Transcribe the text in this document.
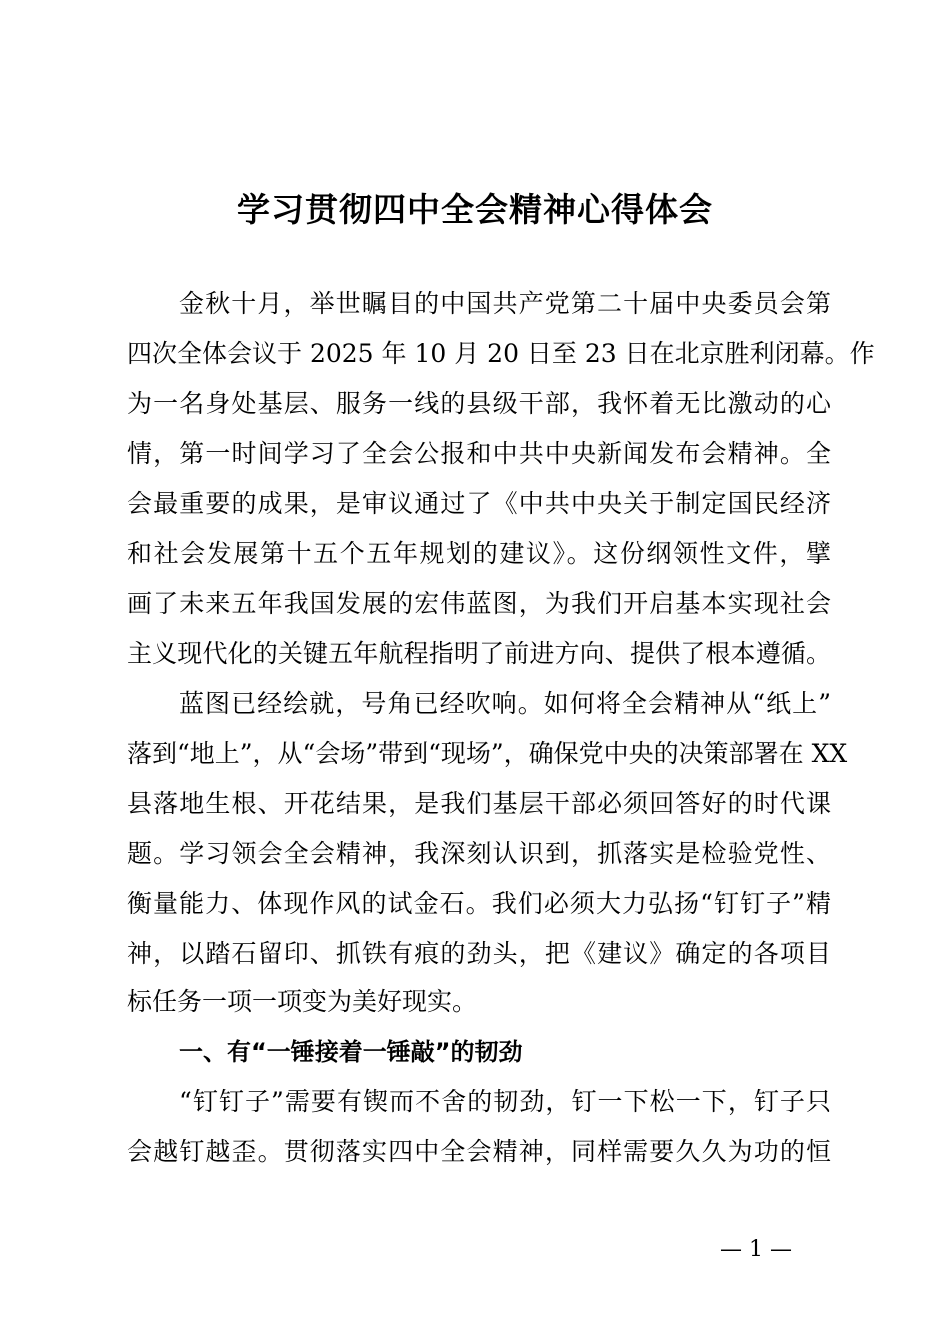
学习贯彻四中全会精神心得体会
金秋十月，举世瞩目的中国共产党第二十届中央委员会第
四次全体会议于 2025 年 10 月 20 日至 23 日在北京胜利闭幕。作
为一名身处基层、服务一线的县级干部，我怀着无比激动的心
情，第一时间学习了全会公报和中共中央新闻发布会精神。全
会最重要的成果，是审议通过了《中共中央关于制定国民经济
和社会发展第十五个五年规划的建议》。这份纲领性文件，擘
画了未来五年我国发展的宏伟蓝图，为我们开启基本实现社会
主义现代化的关键五年航程指明了前进方向、提供了根本遵循。
蓝图已经绘就，号角已经吹响。如何将全会精神从“纸上”
落到“地上”，从“会场”带到“现场”，确保党中央的决策部署在 XX
县落地生根、开花结果，是我们基层干部必须回答好的时代课
题。学习领会全会精神，我深刻认识到，抓落实是检验党性、
衡量能力、体现作风的试金石。我们必须大力弘扬“钉钉子”精
神，以踏石留印、抓铁有痕的劲头，把《建议》确定的各项目
标任务一项一项变为美好现实。
一、有“一锤接着一锤敲”的韧劲
“钉钉子”需要有锲而不舍的韧劲，钉一下松一下，钉子只
会越钉越歪。贯彻落实四中全会精神，同样需要久久为功的恒
— 1 —
